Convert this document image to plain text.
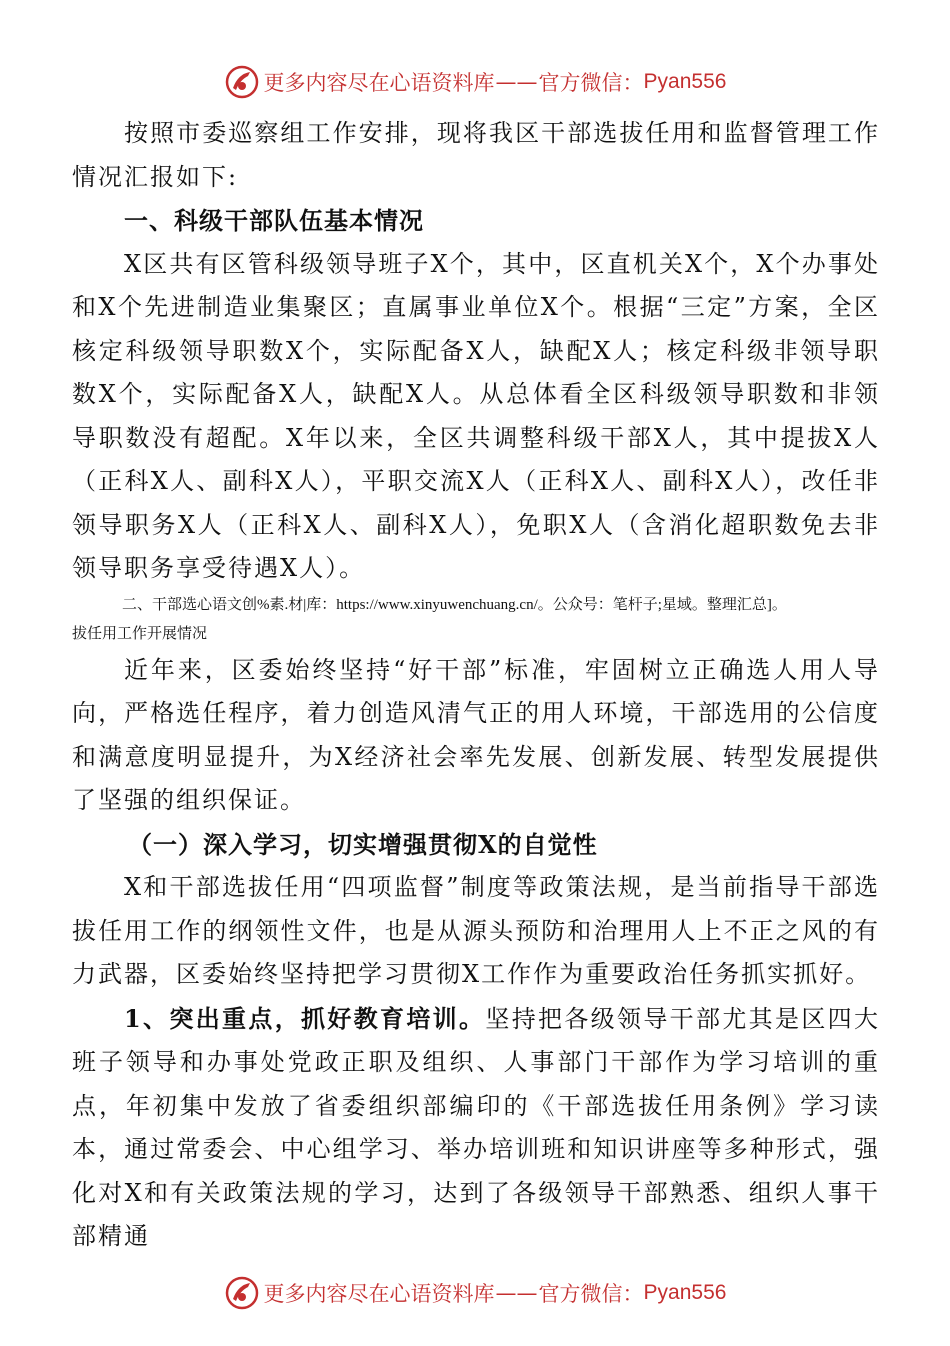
更多内容尽在心语资料库 —— 官方微信： Pyan556

按照市委巡察组工作安排，现将我区干部选拔任用和监督管理工作情况汇报如下:

一、科级干部队伍基本情况

X区共有区管科级领导班子X个，其中，区直机关X个，X个办事处和X个先进制造业集聚区；直属事业单位X个。根据“三定”方案，全区核定科级领导职数X个，实际配备X人，缺配X人；核定科级非领导职数X个，实际配备X人，缺配X人。从总体看全区科级领导职数和非领导职数没有超配。X年以来，全区共调整科级干部X人，其中提拔X人（正科X人、副科X人），平职交流X人（正科X人、副科X人），改任非领导职务X人（正科X人、副科X人），免职X人（含消化超职数免去非领导职务享受待遇X人）。

二、干部选心语文创%素.材|库：https://www.xinyuwenchuang.cn/。公众号：笔杆子;星域。整理汇总]。

拔任用工作开展情况

近年来，区委始终坚持“好干部”标准，牢固树立正确选人用人导向，严格选任程序，着力创造风清气正的用人环境，干部选用的公信度和满意度明显提升，为X经济社会率先发展、创新发展、转型发展提供了坚强的组织保证。

（一）深入学习，切实增强贯彻X的自觉性

X和干部选拔任用“四项监督”制度等政策法规，是当前指导干部选拔任用工作的纲领性文件，也是从源头预防和治理用人上不正之风的有力武器，区委始终坚持把学习贯彻X工作作为重要政治任务抓实抓好。

1、突出重点，抓好教育培训。坚持把各级领导干部尤其是区四大班子领导和办事处党政正职及组织、人事部门干部作为学习培训的重点，年初集中发放了省委组织部编印的《干部选拔任用条例》学习读本，通过常委会、中心组学习、举办培训班和知识讲座等多种形式，强化对X和有关政策法规的学习，达到了各级领导干部熟悉、组织人事干部精通

更多内容尽在心语资料库 —— 官方微信： Pyan556
